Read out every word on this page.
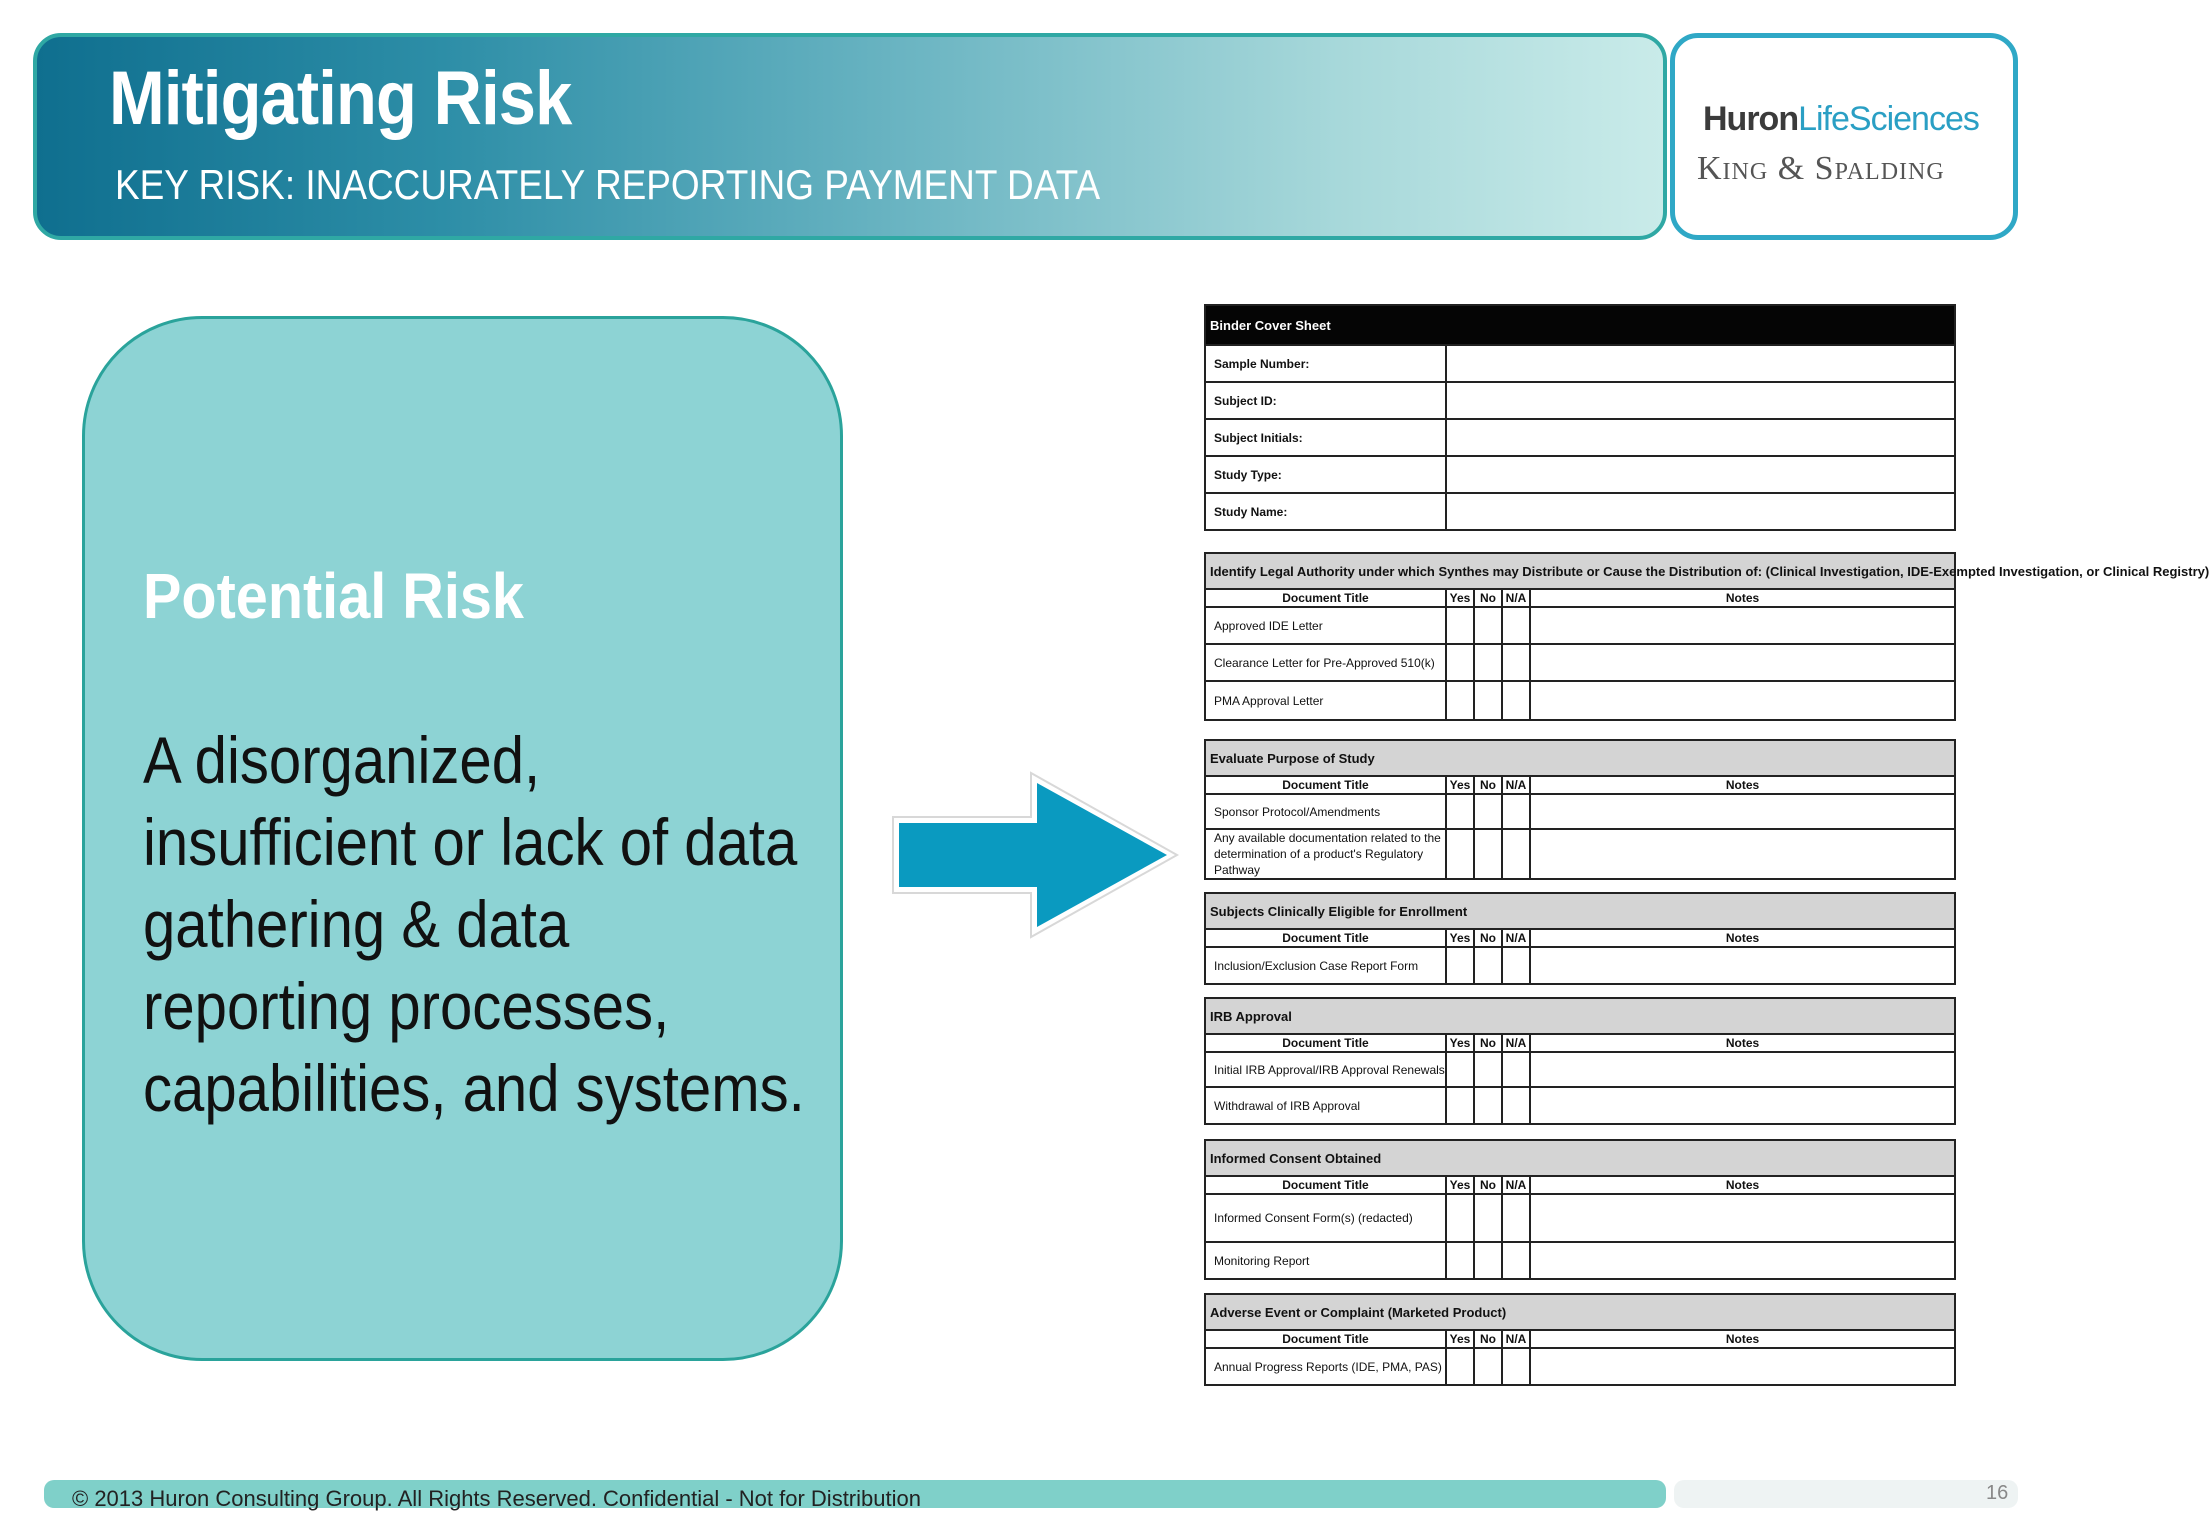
Mitigating Risk
KEY RISK: INACCURATELY REPORTING PAYMENT DATA
HuronLifeSciences
King & Spalding
Potential Risk
A disorganized,
insufficient or lack of data
gathering & data
reporting processes,
capabilities, and systems.
Binder Cover Sheet
Sample Number:
Subject ID:
Subject Initials:
Study Type:
Study Name:
Identify Legal Authority under which Synthes may Distribute or Cause the Distribution of: (Clinical Investigation, IDE-Exempted Investigation, or Clinical Registry)
Document Title	Yes No N/A	Notes
Approved IDE Letter
Clearance Letter for Pre-Approved 510(k)
PMA Approval Letter
Evaluate Purpose of Study
Document Title	Yes No N/A	Notes
Sponsor Protocol/Amendments
Any available documentation related to the determination of a product's Regulatory Pathway
Subjects Clinically Eligible for Enrollment
Document Title	Yes No N/A	Notes
Inclusion/Exclusion Case Report Form
IRB Approval
Document Title	Yes No N/A	Notes
Initial IRB Approval/IRB Approval Renewals
Withdrawal of IRB Approval
Informed Consent Obtained
Document Title	Yes No N/A	Notes
Informed Consent Form(s) (redacted)
Monitoring Report
Adverse Event or Complaint (Marketed Product)
Document Title	Yes No N/A	Notes
Annual Progress Reports (IDE, PMA, PAS)
© 2013 Huron Consulting Group. All Rights Reserved. Confidential - Not for Distribution	16
